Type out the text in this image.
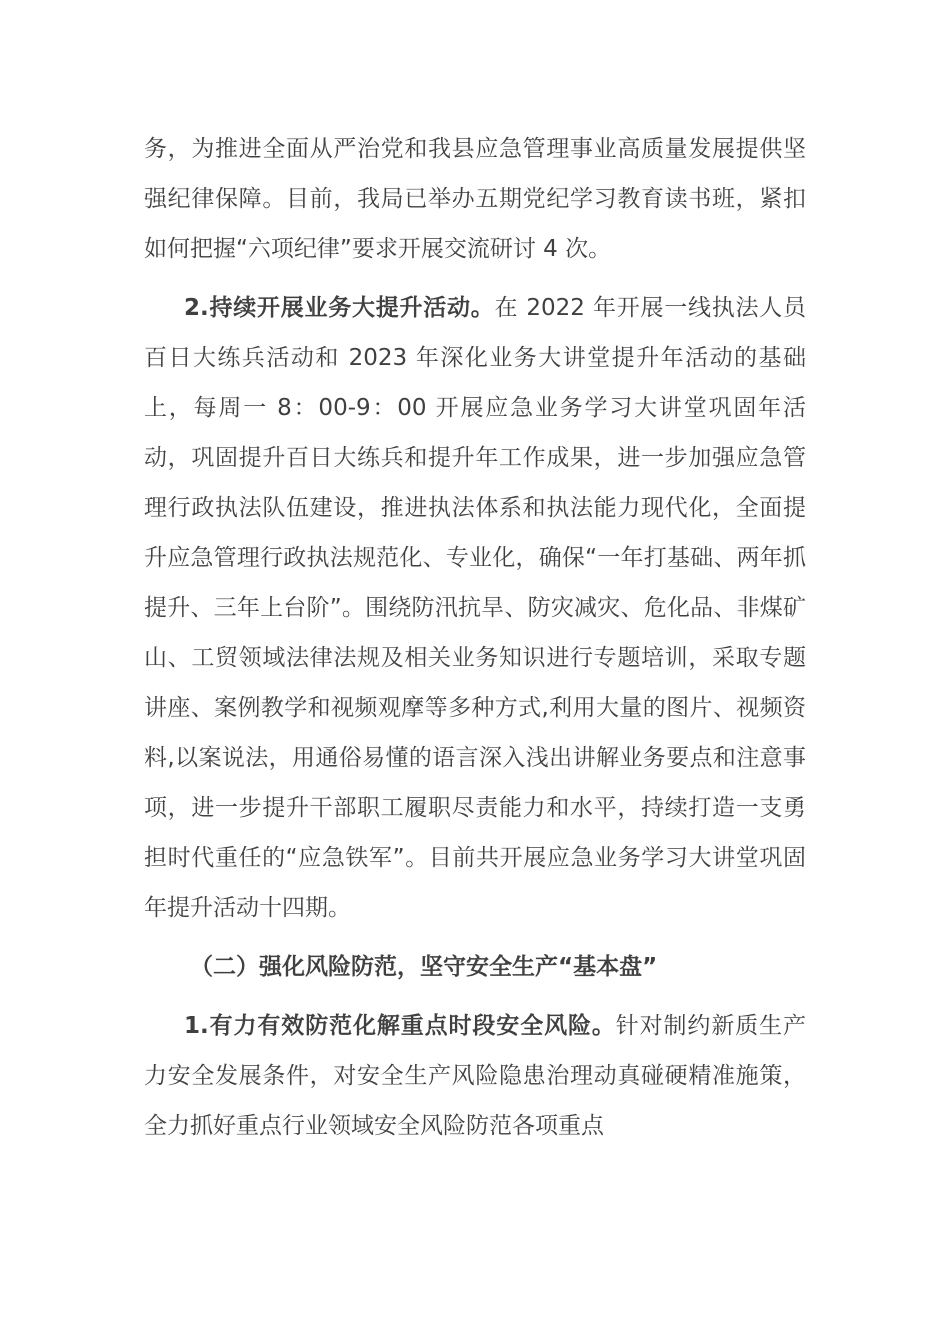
务，为推进全面从严治党和我县应急管理事业高质量发展提供坚强纪律保障。目前，我局已举办五期党纪学习教育读书班，紧扣如何把握“六项纪律”要求开展交流研讨 4 次。

2.持续开展业务大提升活动。在 2022 年开展一线执法人员百日大练兵活动和 2023 年深化业务大讲堂提升年活动的基础上，每周一 8：00-9：00 开展应急业务学习大讲堂巩固年活动，巩固提升百日大练兵和提升年工作成果，进一步加强应急管理行政执法队伍建设，推进执法体系和执法能力现代化，全面提升应急管理行政执法规范化、专业化，确保“一年打基础、两年抓提升、三年上台阶”。围绕防汛抗旱、防灾减灾、危化品、非煤矿山、工贸领域法律法规及相关业务知识进行专题培训，采取专题讲座、案例教学和视频观摩等多种方式,利用大量的图片、视频资料,以案说法，用通俗易懂的语言深入浅出讲解业务要点和注意事项，进一步提升干部职工履职尽责能力和水平，持续打造一支勇担时代重任的“应急铁军”。目前共开展应急业务学习大讲堂巩固年提升活动十四期。

（二）强化风险防范，坚守安全生产“基本盘”

1.有力有效防范化解重点时段安全风险。针对制约新质生产力安全发展条件，对安全生产风险隐患治理动真碰硬精准施策，全力抓好重点行业领域安全风险防范各项重点
